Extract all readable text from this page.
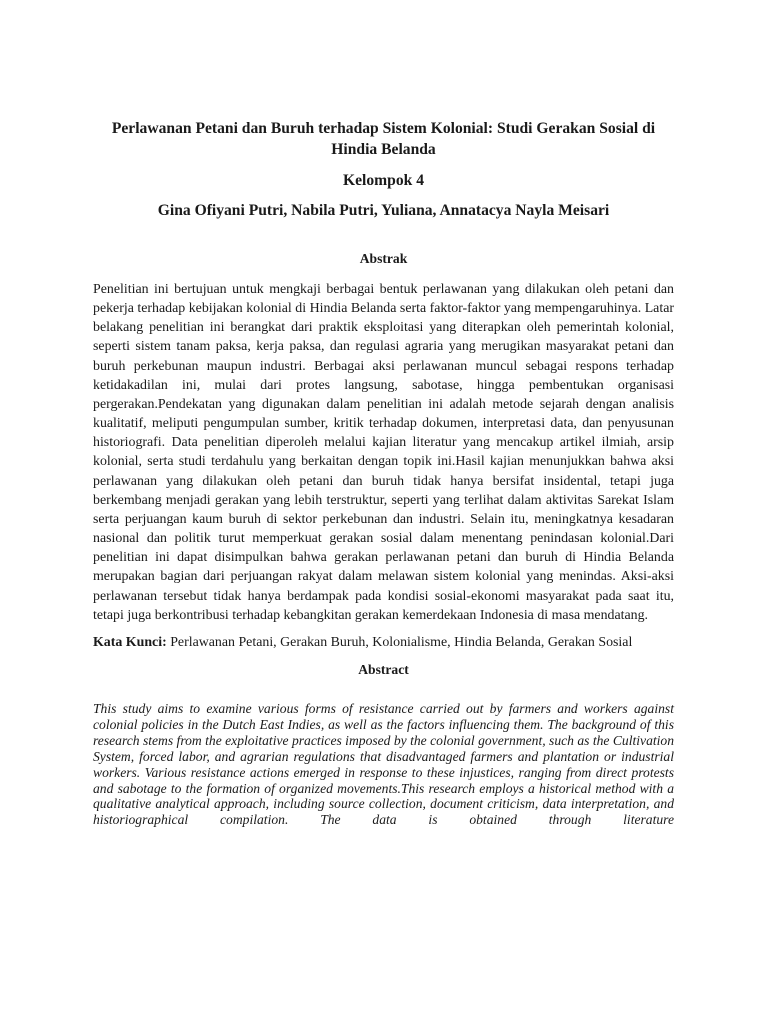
Perlawanan Petani dan Buruh terhadap Sistem Kolonial: Studi Gerakan Sosial di Hindia Belanda

Kelompok 4

Gina Ofiyani Putri, Nabila Putri, Yuliana, Annatacya Nayla Meisari

Abstrak

Penelitian ini bertujuan untuk mengkaji berbagai bentuk perlawanan yang dilakukan oleh petani dan pekerja terhadap kebijakan kolonial di Hindia Belanda serta faktor-faktor yang mempengaruhinya. Latar belakang penelitian ini berangkat dari praktik eksploitasi yang diterapkan oleh pemerintah kolonial, seperti sistem tanam paksa, kerja paksa, dan regulasi agraria yang merugikan masyarakat petani dan buruh perkebunan maupun industri. Berbagai aksi perlawanan muncul sebagai respons terhadap ketidakadilan ini, mulai dari protes langsung, sabotase, hingga pembentukan organisasi pergerakan.Pendekatan yang digunakan dalam penelitian ini adalah metode sejarah dengan analisis kualitatif, meliputi pengumpulan sumber, kritik terhadap dokumen, interpretasi data, dan penyusunan historiografi. Data penelitian diperoleh melalui kajian literatur yang mencakup artikel ilmiah, arsip kolonial, serta studi terdahulu yang berkaitan dengan topik ini.Hasil kajian menunjukkan bahwa aksi perlawanan yang dilakukan oleh petani dan buruh tidak hanya bersifat insidental, tetapi juga berkembang menjadi gerakan yang lebih terstruktur, seperti yang terlihat dalam aktivitas Sarekat Islam serta perjuangan kaum buruh di sektor perkebunan dan industri. Selain itu, meningkatnya kesadaran nasional dan politik turut memperkuat gerakan sosial dalam menentang penindasan kolonial.Dari penelitian ini dapat disimpulkan bahwa gerakan perlawanan petani dan buruh di Hindia Belanda merupakan bagian dari perjuangan rakyat dalam melawan sistem kolonial yang menindas. Aksi-aksi perlawanan tersebut tidak hanya berdampak pada kondisi sosial-ekonomi masyarakat pada saat itu, tetapi juga berkontribusi terhadap kebangkitan gerakan kemerdekaan Indonesia di masa mendatang.

Kata Kunci: Perlawanan Petani, Gerakan Buruh, Kolonialisme, Hindia Belanda, Gerakan Sosial

Abstract

This study aims to examine various forms of resistance carried out by farmers and workers against colonial policies in the Dutch East Indies, as well as the factors influencing them. The background of this research stems from the exploitative practices imposed by the colonial government, such as the Cultivation System, forced labor, and agrarian regulations that disadvantaged farmers and plantation or industrial workers. Various resistance actions emerged in response to these injustices, ranging from direct protests and sabotage to the formation of organized movements.This research employs a historical method with a qualitative analytical approach, including source collection, document criticism, data interpretation, and historiographical compilation. The data is obtained through literature
